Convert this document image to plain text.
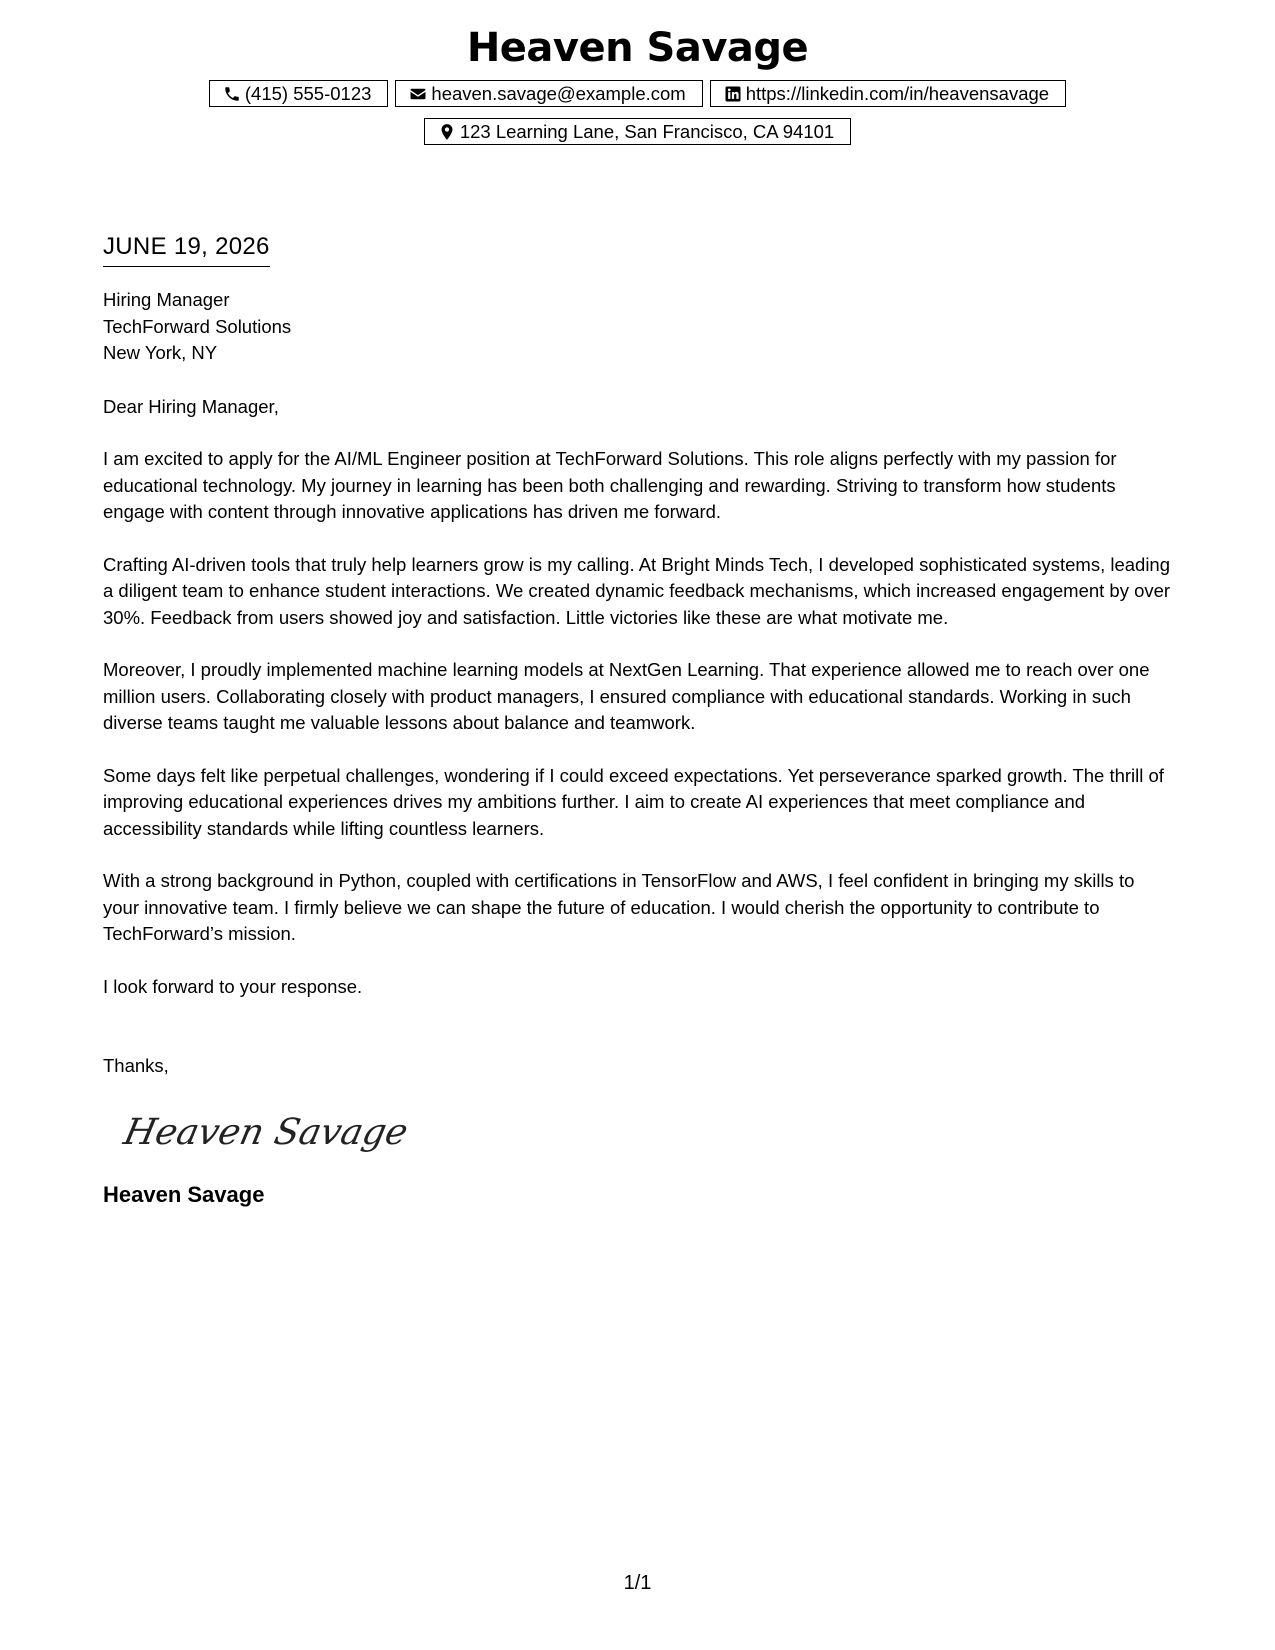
Heaven Savage
(415) 555-0123	heaven.savage@example.com	https://linkedin.com/in/heavensavage
123 Learning Lane, San Francisco, CA 94101
JUNE 19, 2026
Hiring Manager
TechForward Solutions
New York, NY
Dear Hiring Manager,
I am excited to apply for the AI/ML Engineer position at TechForward Solutions. This role aligns perfectly with my passion for educational technology. My journey in learning has been both challenging and rewarding. Striving to transform how students engage with content through innovative applications has driven me forward.
Crafting AI-driven tools that truly help learners grow is my calling. At Bright Minds Tech, I developed sophisticated systems, leading a diligent team to enhance student interactions. We created dynamic feedback mechanisms, which increased engagement by over 30%. Feedback from users showed joy and satisfaction. Little victories like these are what motivate me.
Moreover, I proudly implemented machine learning models at NextGen Learning. That experience allowed me to reach over one million users. Collaborating closely with product managers, I ensured compliance with educational standards. Working in such diverse teams taught me valuable lessons about balance and teamwork.
Some days felt like perpetual challenges, wondering if I could exceed expectations. Yet perseverance sparked growth. The thrill of improving educational experiences drives my ambitions further. I aim to create AI experiences that meet compliance and accessibility standards while lifting countless learners.
With a strong background in Python, coupled with certifications in TensorFlow and AWS, I feel confident in bringing my skills to your innovative team. I firmly believe we can shape the future of education. I would cherish the opportunity to contribute to TechForward’s mission.
I look forward to your response.
Thanks,
Heaven Savage
Heaven Savage
1/1
